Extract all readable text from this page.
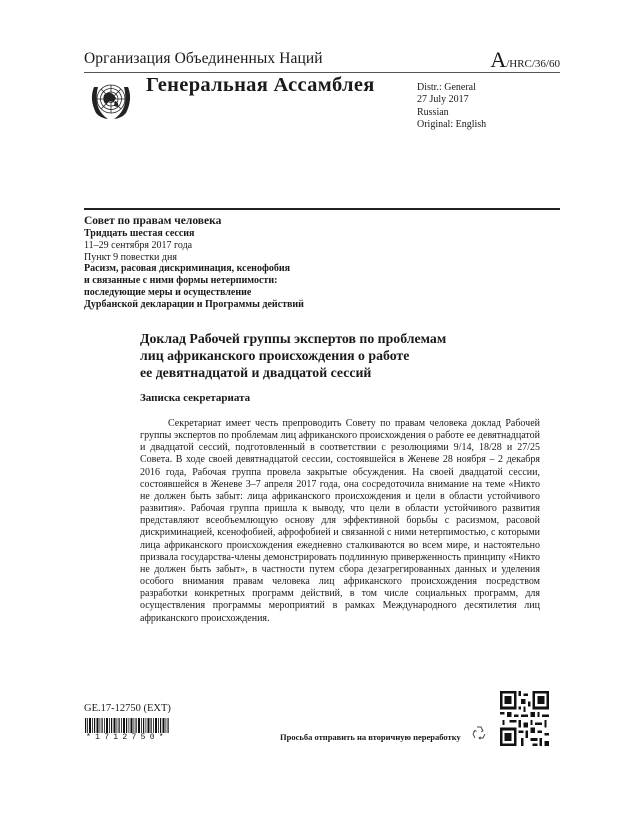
Организация Объединенных Наций	A/HRC/36/60
Генеральная Ассамблея	Distr.: General
27 July 2017
Russian
Original: English
Совет по правам человека
Тридцать шестая сессия
11–29 сентября 2017 года
Пункт 9 повестки дня
Расизм, расовая дискриминация, ксенофобия
и связанные с ними формы нетерпимости:
последующие меры и осуществление
Дурбанской декларации и Программы действий
Доклад Рабочей группы экспертов по проблемам
лиц африканского происхождения о работе
ее девятнадцатой и двадцатой сессий
Записка секретариата

Секретариат имеет честь препроводить Совету по правам человека доклад Рабочей группы экспертов по проблемам лиц африканского происхождения о работе ее девятнадцатой и двадцатой сессий, подготовленный в соответствии с резолюциями 9/14, 18/28 и 27/25 Совета. В ходе своей девятнадцатой сессии, состоявшейся в Женеве 28 ноября – 2 декабря 2016 года, Рабочая группа провела закрытые обсуждения. На своей двадцатой сессии, состоявшейся в Женеве 3–7 апреля 2017 года, она сосредоточила внимание на теме «Никто не должен быть забыт: лица африканского происхождения и цели в области устойчивого развития». Рабочая группа пришла к выводу, что цели в области устойчивого развития представляют всеобъемлющую основу для эффективной борьбы с расизмом, расовой дискриминацией, ксенофобией, афрофобией и связанной с ними нетерпимостью, с которыми лица африканского происхождения ежедневно сталкиваются во всем мире, и настоятельно призвала государства-члены демонстрировать подлинную приверженность принципу «Никто не должен быть забыт», в частности путем сбора дезагрегированных данных и уделения особого внимания правам человека лиц африканского происхождения посредством разработки конкретных программ действий, в том числе социальных программ, для осуществления программы мероприятий в рамках Международного десятилетия лиц африканского происхождения.

GE.17-12750 (EXT)
*1712750*	Просьба отправить на вторичную переработку
